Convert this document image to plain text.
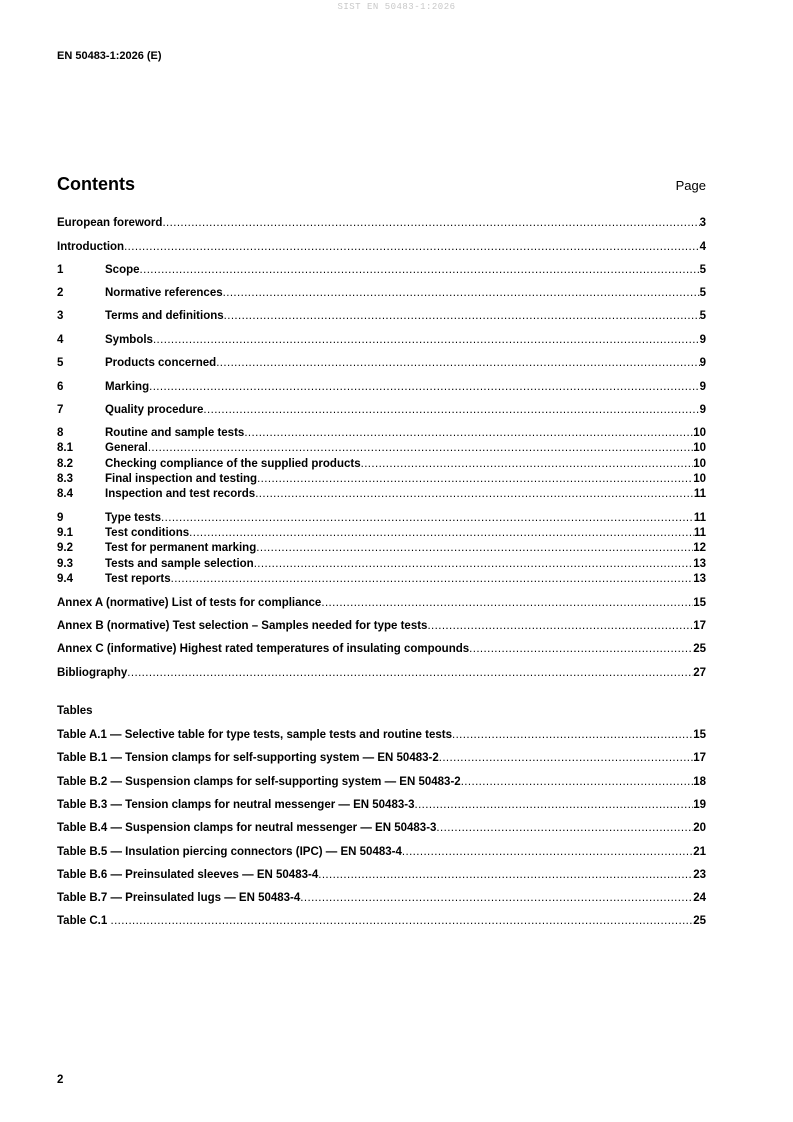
SIST EN 50483-1:2026
EN 50483-1:2026 (E)
Contents	Page
European foreword .....	3
Introduction .....	4
1	Scope .....	5
2	Normative references .....	5
3	Terms and definitions .....	5
4	Symbols .....	9
5	Products concerned .....	9
6	Marking .....	9
7	Quality procedure .....	9
8	Routine and sample tests .....	10
8.1	General .....	10
8.2	Checking compliance of the supplied products .....	10
8.3	Final inspection and testing .....	10
8.4	Inspection and test records .....	11
9	Type tests .....	11
9.1	Test conditions .....	11
9.2	Test for permanent marking .....	12
9.3	Tests and sample selection .....	13
9.4	Test reports .....	13
Annex A (normative) List of tests for compliance .....	15
Annex B (normative) Test selection – Samples needed for type tests .....	17
Annex C (informative) Highest rated temperatures of insulating compounds .....	25
Bibliography .....	27
Tables
Table A.1 — Selective table for type tests, sample tests and routine tests .....	15
Table B.1 — Tension clamps for self-supporting system — EN 50483-2 .....	17
Table B.2 — Suspension clamps for self-supporting system — EN 50483-2 .....	18
Table B.3 — Tension clamps for neutral messenger — EN 50483-3 .....	19
Table B.4 — Suspension clamps for neutral messenger — EN 50483-3 .....	20
Table B.5 — Insulation piercing connectors (IPC) — EN 50483-4 .....	21
Table B.6 — Preinsulated sleeves — EN 50483-4 .....	23
Table B.7 — Preinsulated lugs — EN 50483-4 .....	24
Table C.1 .....	25
2
